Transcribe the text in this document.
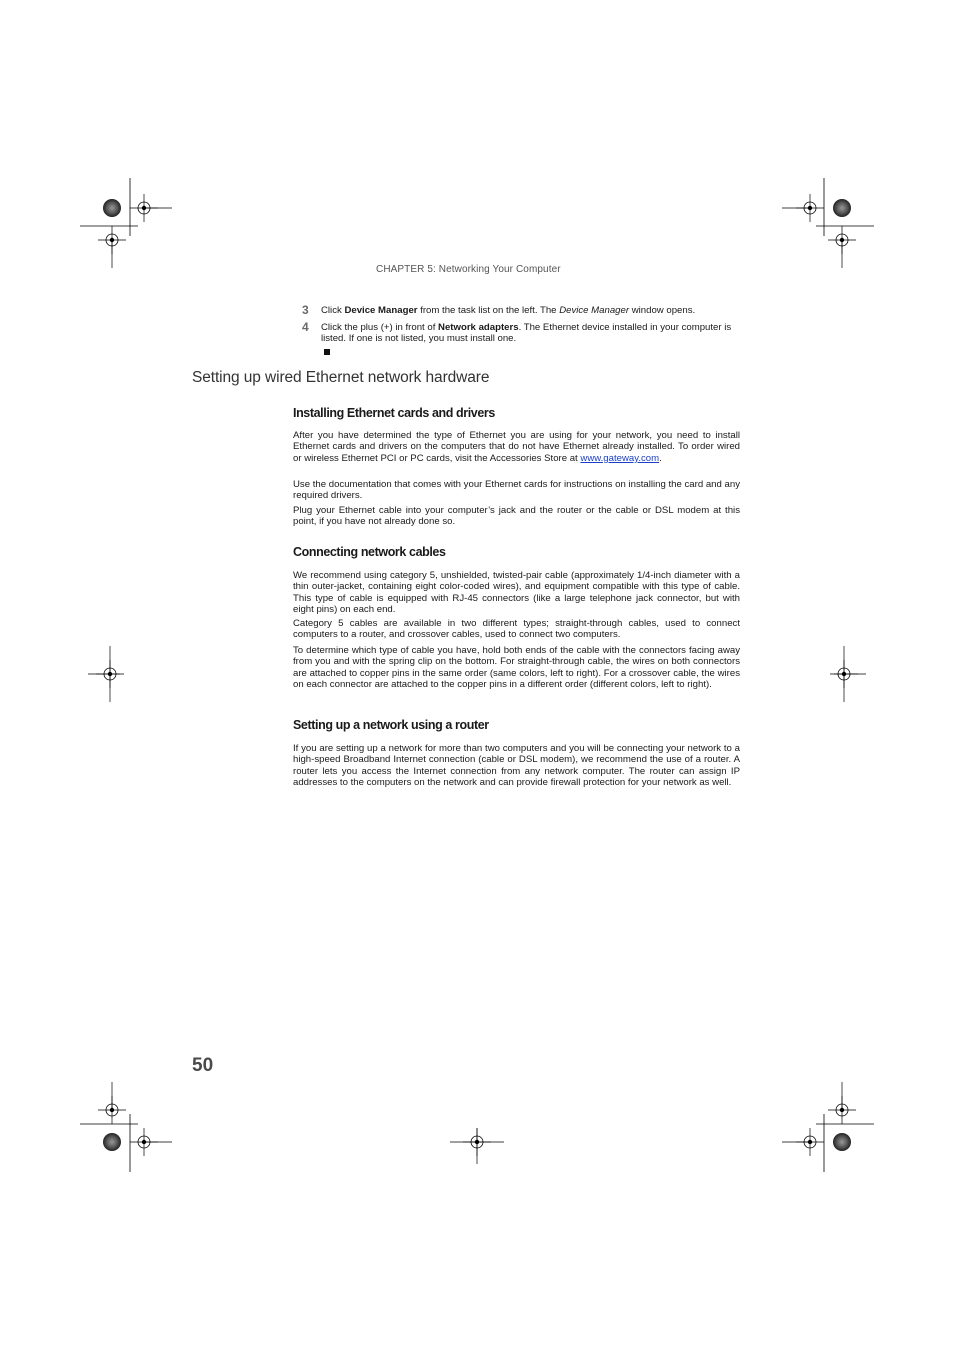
CHAPTER 5: Networking Your Computer
3 Click Device Manager from the task list on the left. The Device Manager window opens.
4 Click the plus (+) in front of Network adapters. The Ethernet device installed in your computer is listed. If one is not listed, you must install one.
Setting up wired Ethernet network hardware
Installing Ethernet cards and drivers
After you have determined the type of Ethernet you are using for your network, you need to install Ethernet cards and drivers on the computers that do not have Ethernet already installed. To order wired or wireless Ethernet PCI or PC cards, visit the Accessories Store at www.gateway.com.
Use the documentation that comes with your Ethernet cards for instructions on installing the card and any required drivers.
Plug your Ethernet cable into your computer’s jack and the router or the cable or DSL modem at this point, if you have not already done so.
Connecting network cables
We recommend using category 5, unshielded, twisted-pair cable (approximately 1/4-inch diameter with a thin outer-jacket, containing eight color-coded wires), and equipment compatible with this type of cable. This type of cable is equipped with RJ-45 connectors (like a large telephone jack connector, but with eight pins) on each end.
Category 5 cables are available in two different types; straight-through cables, used to connect computers to a router, and crossover cables, used to connect two computers.
To determine which type of cable you have, hold both ends of the cable with the connectors facing away from you and with the spring clip on the bottom. For straight-through cable, the wires on both connectors are attached to copper pins in the same order (same colors, left to right). For a crossover cable, the wires on each connector are attached to the copper pins in a different order (different colors, left to right).
Setting up a network using a router
If you are setting up a network for more than two computers and you will be connecting your network to a high-speed Broadband Internet connection (cable or DSL modem), we recommend the use of a router. A router lets you access the Internet connection from any network computer. The router can assign IP addresses to the computers on the network and can provide firewall protection for your network as well.
50
